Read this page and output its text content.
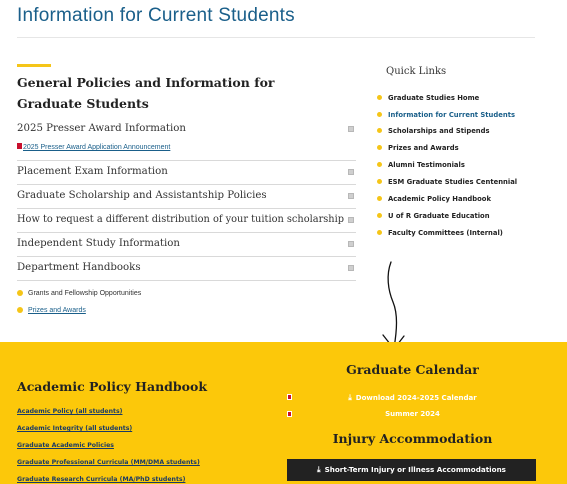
Information for Current Students
General Policies and Information for Graduate Students
2025 Presser Award Information
2025 Presser Award Application Announcement
Placement Exam Information
Graduate Scholarship and Assistantship Policies
How to request a different distribution of your tuition scholarship
Independent Study Information
Department Handbooks
Grants and Fellowship Opportunities
Prizes and Awards
Quick Links
Graduate Studies Home
Information for Current Students
Scholarships and Stipends
Prizes and Awards
Alumni Testimonials
ESM Graduate Studies Centennial
Academic Policy Handbook
U of R Graduate Education
Faculty Committees (Internal)
Academic Policy Handbook
Academic Policy (all students)
Academic Integrity (all students)
Graduate Academic Policies
Graduate Professional Curricula (MM/DMA students)
Graduate Research Curricula (MA/PhD students)
Graduate Calendar
⤓ Download 2024-2025 Calendar
Summer 2024
Injury Accommodation
⤓ Short-Term Injury or Illness Accommodations
